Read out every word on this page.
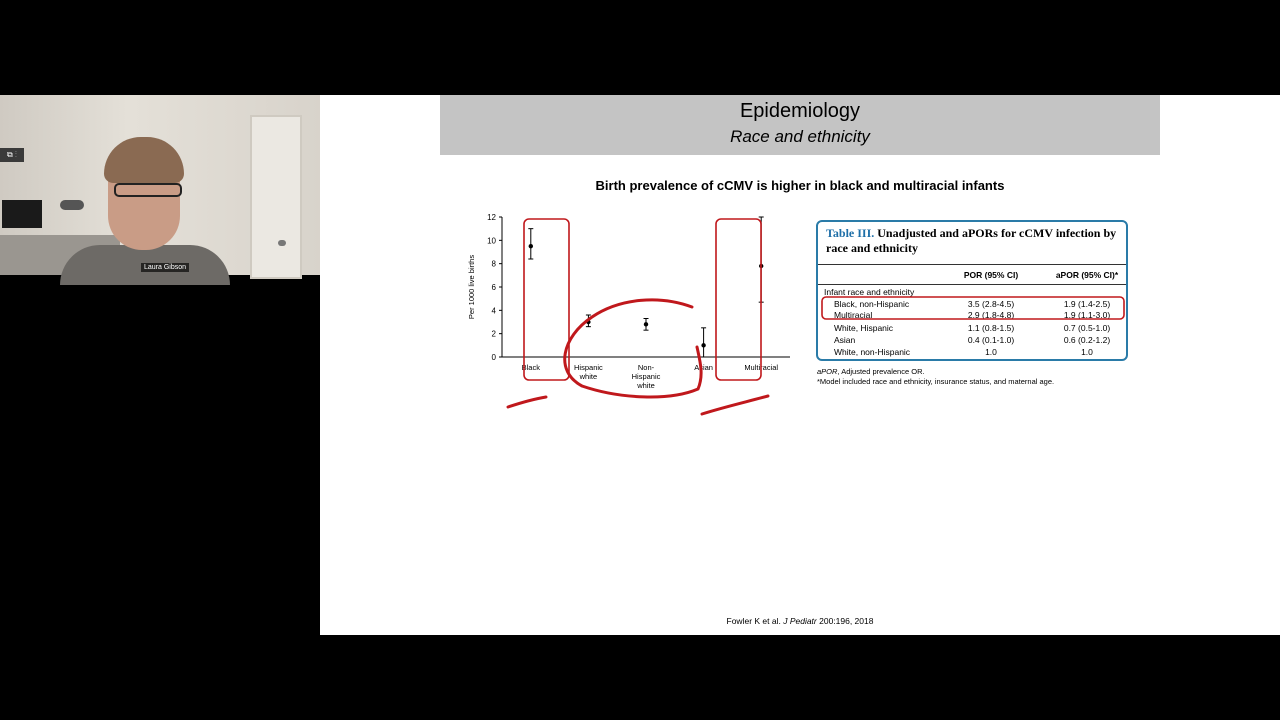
⧉ ⋮
Laura Gibson
Epidemiology
Race and ethnicity
Birth prevalence of cCMV is higher in black and multiracial infants
0
2
4
6
8
10
12
Per 1000 live births
Black	Hispanic
white
Non-
Hispanic
white
Asian	Multiracial
Table III. Unadjusted and aPORs for cCMV infection by race and ethnicity
POR (95% CI)	aPOR (95% CI)*
Infant race and ethnicity
Black, non-Hispanic	3.5 (2.8-4.5)	1.9 (1.4-2.5)
Multiracial	2.9 (1.8-4.8)	1.9 (1.1-3.0)
White, Hispanic	1.1 (0.8-1.5)	0.7 (0.5-1.0)
Asian	0.4 (0.1-1.0)	0.6 (0.2-1.2)
White, non-Hispanic	1.0	1.0
aPOR, Adjusted prevalence OR.
*Model included race and ethnicity, insurance status, and maternal age.
Fowler K et al. J Pediatr 200:196, 2018
